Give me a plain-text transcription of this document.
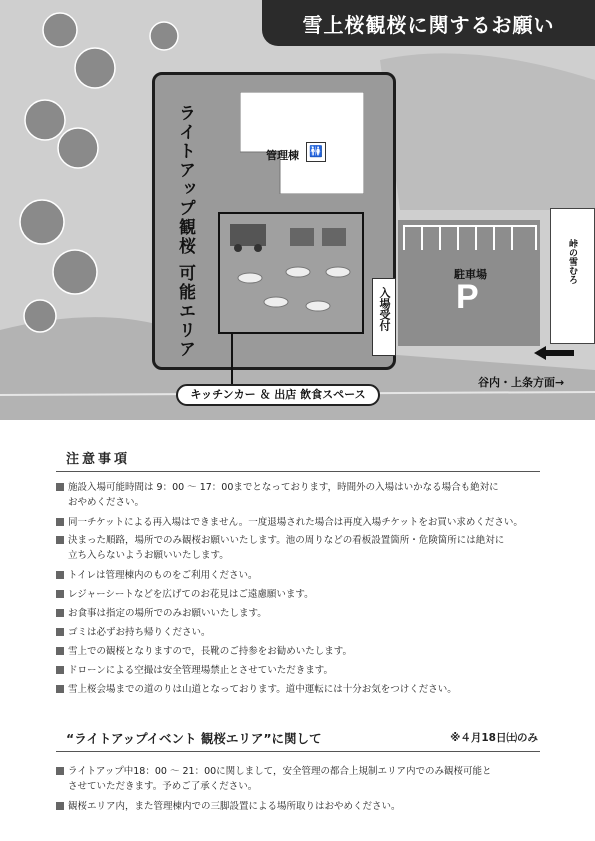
雪上桜観桜に関するお願い
ライトアップ観桜 可能エリア	管理棟 🚻
入場受付
駐車場
P
峠の雪むろ
谷内・上条方面→
キッチンカー ＆ 出店 飲食スペース
注意事項
施設入場可能時間は 9：00 ～ 17：00までとなっております，時間外の入場はいかなる場合も絶対に
おやめください。
同一チケットによる再入場はできません。一度退場された場合は再度入場チケットをお買い求めください。
決まった順路，場所でのみ観桜お願いいたします。池の周りなどの看板設置箇所・危険箇所には絶対に
立ち入らないようお願いいたします。
トイレは管理棟内のものをご利用ください。
レジャーシートなどを広げてのお花見はご遠慮願います。
お食事は指定の場所でのみお願いいたします。
ゴミは必ずお持ち帰りください。
雪上での観桜となりますので，長靴のご持参をお勧めいたします。
ドローンによる空撮は安全管理場禁止とさせていただきます。
雪上桜会場までの道のりは山道となっております。道中運転には十分お気をつけください。
“ライトアップイベント 観桜エリア”に関して	※４月18日㈯のみ
ライトアップ中18：00 ～ 21：00に関しまして，安全管理の都合上規制エリア内でのみ観桜可能と
させていただきます。予めご了承ください。
観桜エリア内，また管理棟内での三脚設置による場所取りはおやめください。
